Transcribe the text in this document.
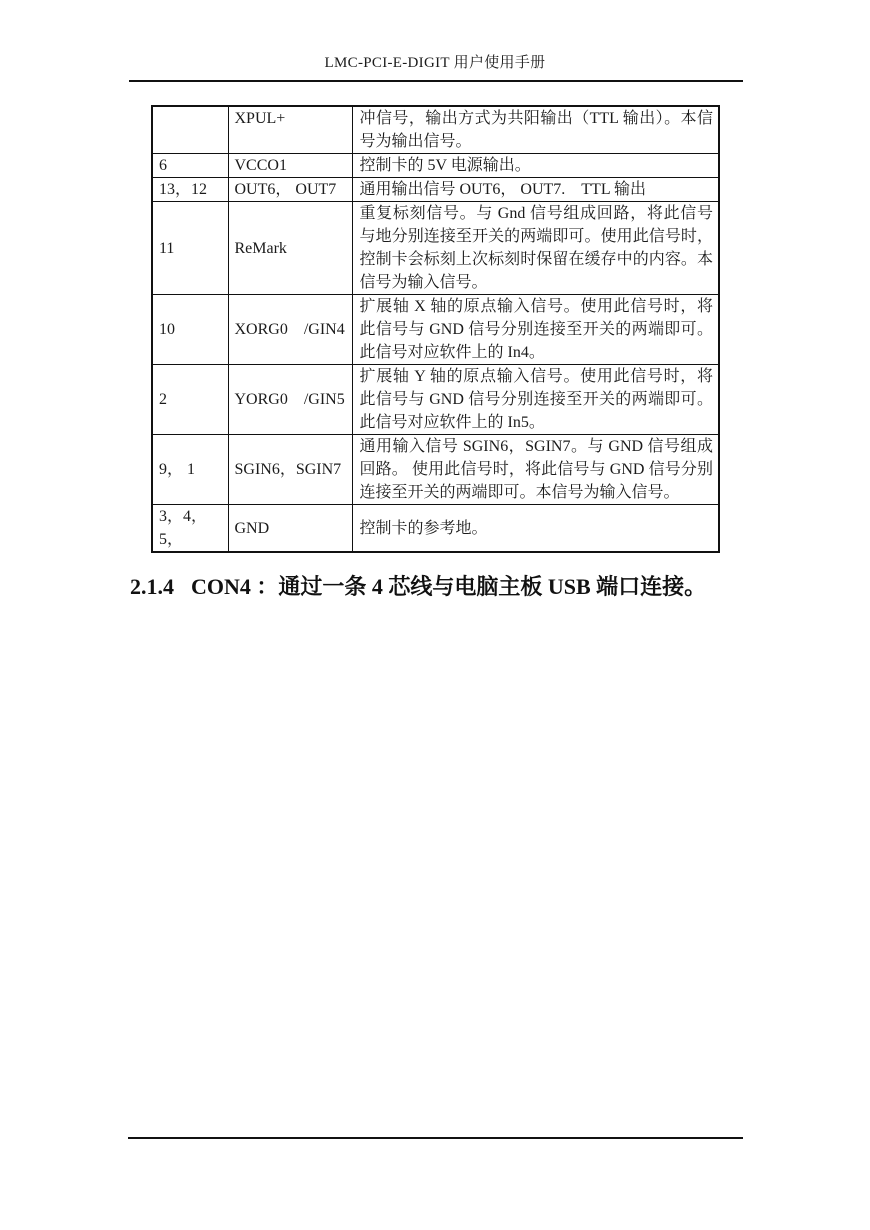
LMC-PCI-E-DIGIT 用户使用手册
	XPUL+	冲信号，输出方式为共阳输出（TTL 输出）。本信号为输出信号。
6	VCCO1	控制卡的 5V 电源输出。
13，12	OUT6， OUT7	通用输出信号 OUT6， OUT7.　TTL 输出
11	ReMark	重复标刻信号。与 Gnd 信号组成回路，将此信号与地分别连接至开关的两端即可。使用此信号时，控制卡会标刻上次标刻时保留在缓存中的内容。本信号为输入信号。
10	XORG0　/GIN4	扩展轴 X 轴的原点输入信号。使用此信号时，将此信号与 GND 信号分别连接至开关的两端即可。此信号对应软件上的 In4。
2	YORG0　/GIN5	扩展轴 Y 轴的原点输入信号。使用此信号时，将此信号与 GND 信号分别连接至开关的两端即可。此信号对应软件上的 In5。
9， 1	SGIN6，SGIN7	通用输入信号 SGIN6，SGIN7。与 GND 信号组成回路。 使用此信号时，将此信号与 GND 信号分别连接至开关的两端即可。本信号为输入信号。
3，4，5，	GND	控制卡的参考地。
2.1.4 CON4 ：通过一条 4 芯线与电脑主板 USB 端口连接。
